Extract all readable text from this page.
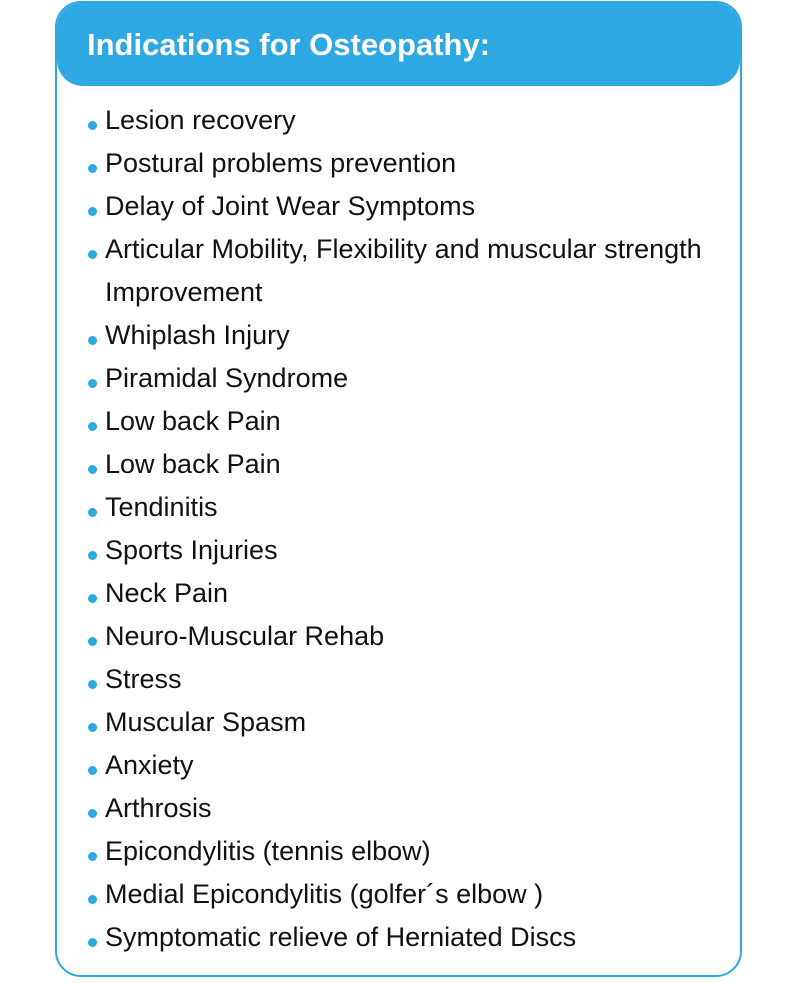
Indications for Osteopathy:
Lesion recovery
Postural problems prevention
Delay of Joint Wear Symptoms
Articular Mobility, Flexibility and muscular strength Improvement
Whiplash Injury
Piramidal Syndrome
Low back Pain
Low back Pain
Tendinitis
Sports Injuries
Neck Pain
Neuro-Muscular Rehab
Stress
Muscular Spasm
Anxiety
Arthrosis
Epicondylitis (tennis elbow)
Medial Epicondylitis (golfer´s elbow )
Symptomatic relieve of Herniated Discs
